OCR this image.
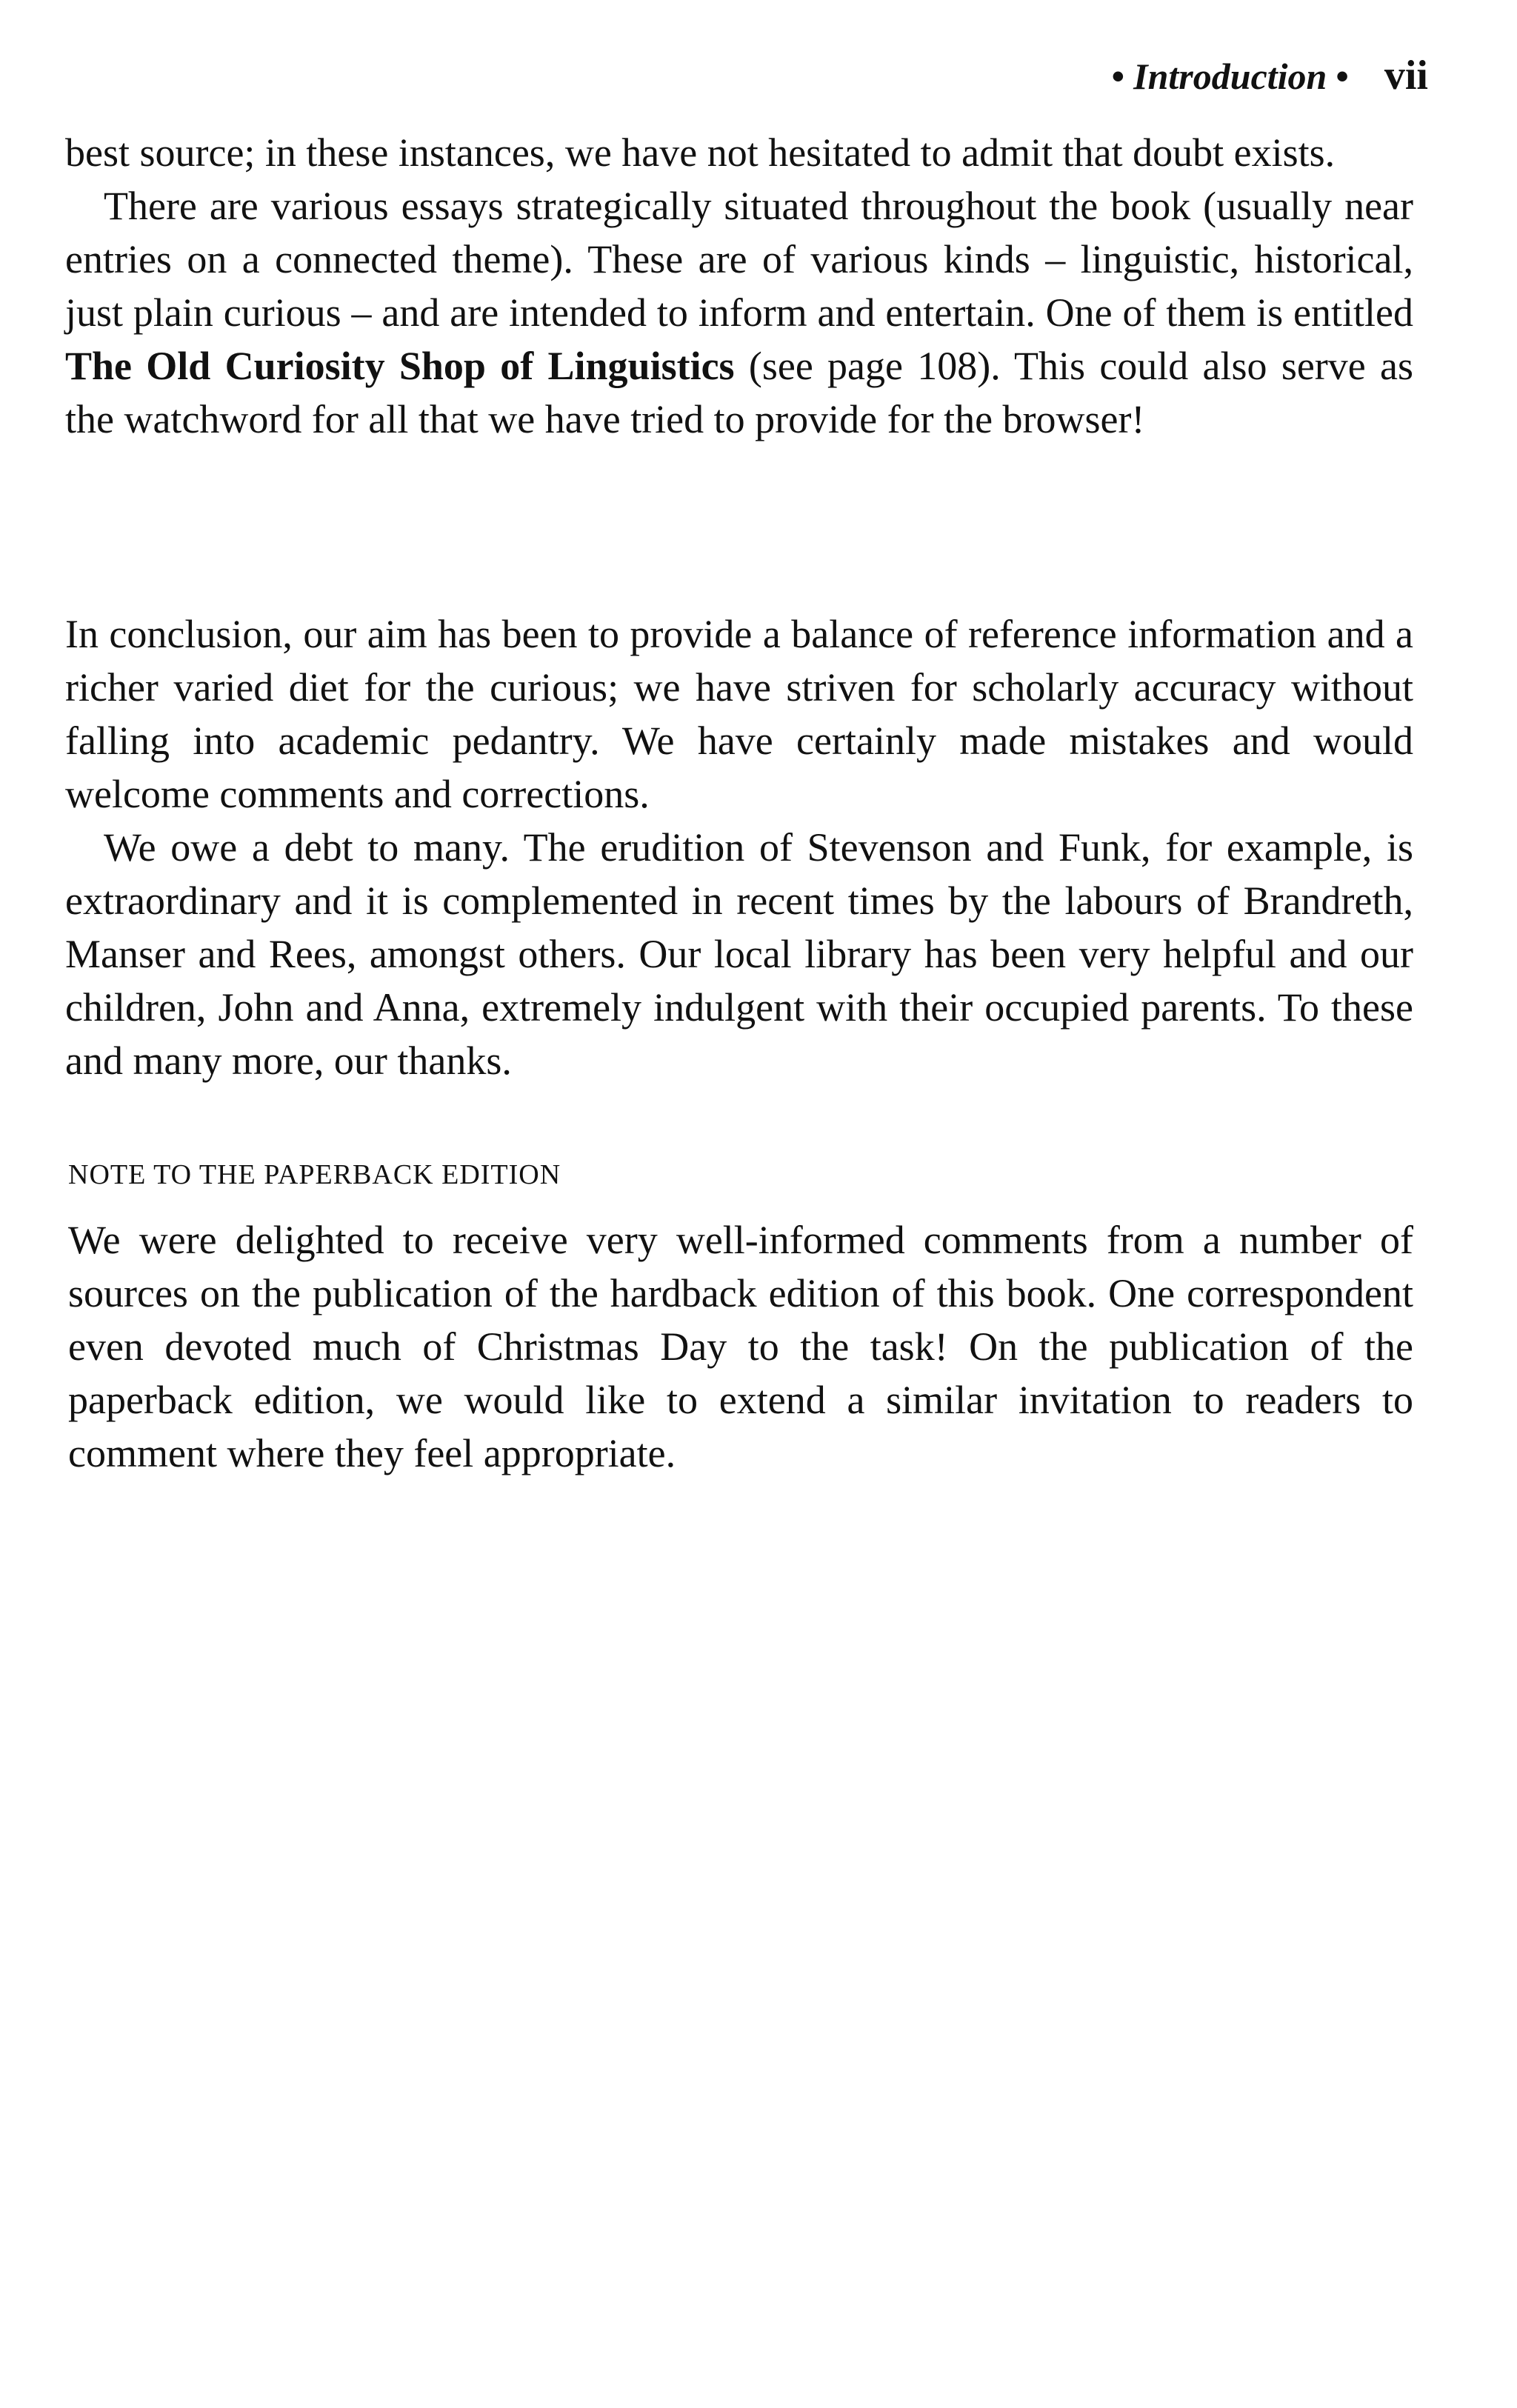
• Introduction • vii

best source; in these instances, we have not hesitated to admit that doubt exists.

There are various essays strategically situated throughout the book (usually near entries on a connected theme). These are of various kinds – linguistic, historical, just plain curious – and are intended to inform and entertain. One of them is entitled The Old Curiosity Shop of Linguistics (see page 108). This could also serve as the watchword for all that we have tried to provide for the browser!

In conclusion, our aim has been to provide a balance of reference information and a richer varied diet for the curious; we have striven for scholarly accuracy without falling into academic pedantry. We have certainly made mistakes and would welcome comments and corrections.

We owe a debt to many. The erudition of Stevenson and Funk, for example, is extraordinary and it is complemented in recent times by the labours of Brandreth, Manser and Rees, amongst others. Our local library has been very helpful and our children, John and Anna, extremely indulgent with their occupied parents. To these and many more, our thanks.

NOTE TO THE PAPERBACK EDITION

We were delighted to receive very well-informed comments from a number of sources on the publication of the hardback edition of this book. One correspondent even devoted much of Christmas Day to the task! On the publication of the paperback edition, we would like to extend a similar invitation to readers to comment where they feel appropriate.
